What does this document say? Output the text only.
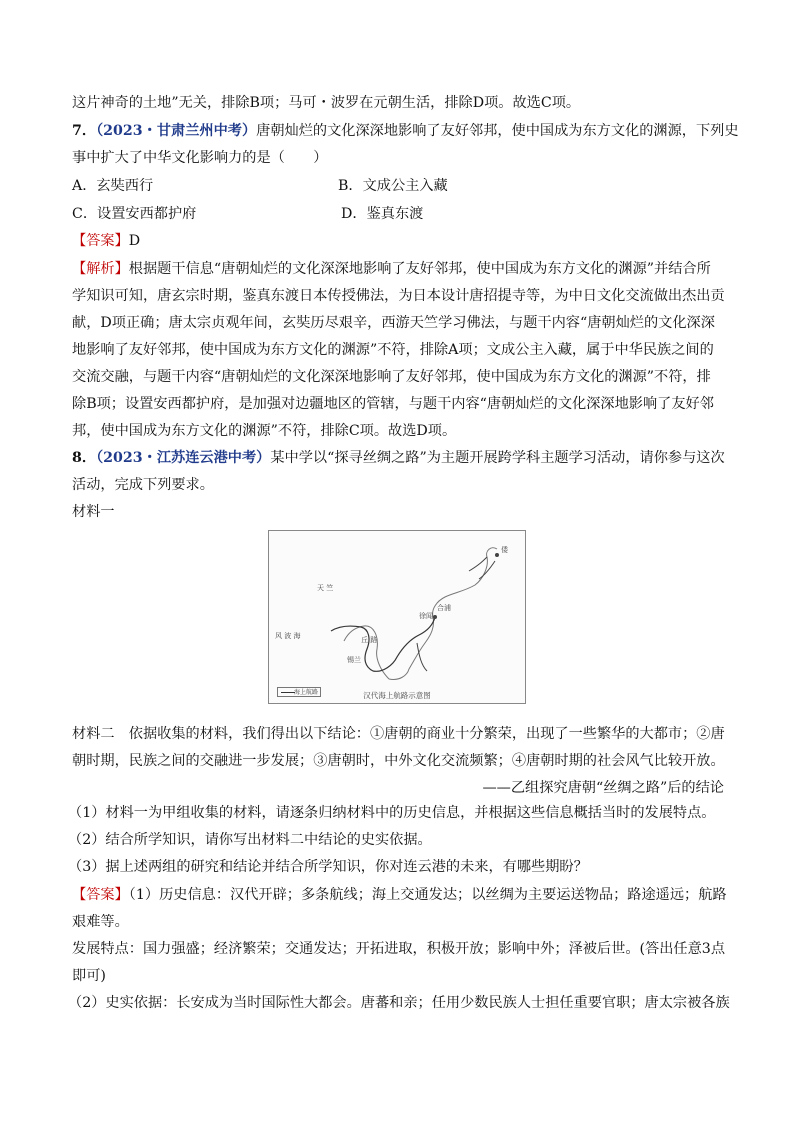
这片神奇的土地”无关，排除B项；马可・波罗在元朝生活，排除D项。故选C项。
7．（2023・甘肃兰州中考）唐朝灿烂的文化深深地影响了友好邻邦，使中国成为东方文化的渊源，下列史
事中扩大了中华文化影响力的是（　　）
A．玄奘西行	B．文成公主入藏
C．设置安西都护府	D．鉴真东渡
【答案】D
【解析】根据题干信息“唐朝灿烂的文化深深地影响了友好邻邦，使中国成为东方文化的渊源”并结合所
学知识可知，唐玄宗时期，鉴真东渡日本传授佛法，为日本设计唐招提寺等，为中日文化交流做出杰出贡
献，D项正确；唐太宗贞观年间，玄奘历尽艰辛，西游天竺学习佛法，与题干内容“唐朝灿烂的文化深深
地影响了友好邻邦，使中国成为东方文化的渊源”不符，排除A项；文成公主入藏，属于中华民族之间的
交流交融，与题干内容“唐朝灿烂的文化深深地影响了友好邻邦，使中国成为东方文化的渊源”不符，排
除B项；设置安西都护府，是加强对边疆地区的管辖，与题干内容“唐朝灿烂的文化深深地影响了友好邻
邦，使中国成为东方文化的渊源”不符，排除C项。故选D项。
8．（2023・江苏连云港中考）某中学以“探寻丝绸之路”为主题开展跨学科主题学习活动，请你参与这次
活动，完成下列要求。
材料一
天 竺
徐闻
合浦
倭
风 波 海
锡兰
丘 路
海上航路	汉代海上航路示意图
材料二　依据收集的材料，我们得出以下结论：①唐朝的商业十分繁荣，出现了一些繁华的大都市；②唐
朝时期，民族之间的交融进一步发展；③唐朝时，中外文化交流频繁；④唐朝时期的社会风气比较开放。
——乙组探究唐朝“丝绸之路”后的结论
（1）材料一为甲组收集的材料，请逐条归纳材料中的历史信息，并根据这些信息概括当时的发展特点。
（2）结合所学知识，请你写出材料二中结论的史实依据。
（3）据上述两组的研究和结论并结合所学知识，你对连云港的未来，有哪些期盼？
【答案】（1）历史信息：汉代开辟；多条航线；海上交通发达；以丝绸为主要运送物品；路途遥远；航路
艰难等。
发展特点：国力强盛；经济繁荣；交通发达；开拓进取，积极开放；影响中外；泽被后世。(答出任意3点
即可)
（2）史实依据：长安成为当时国际性大都会。唐蕃和亲；任用少数民族人士担任重要官职；唐太宗被各族
